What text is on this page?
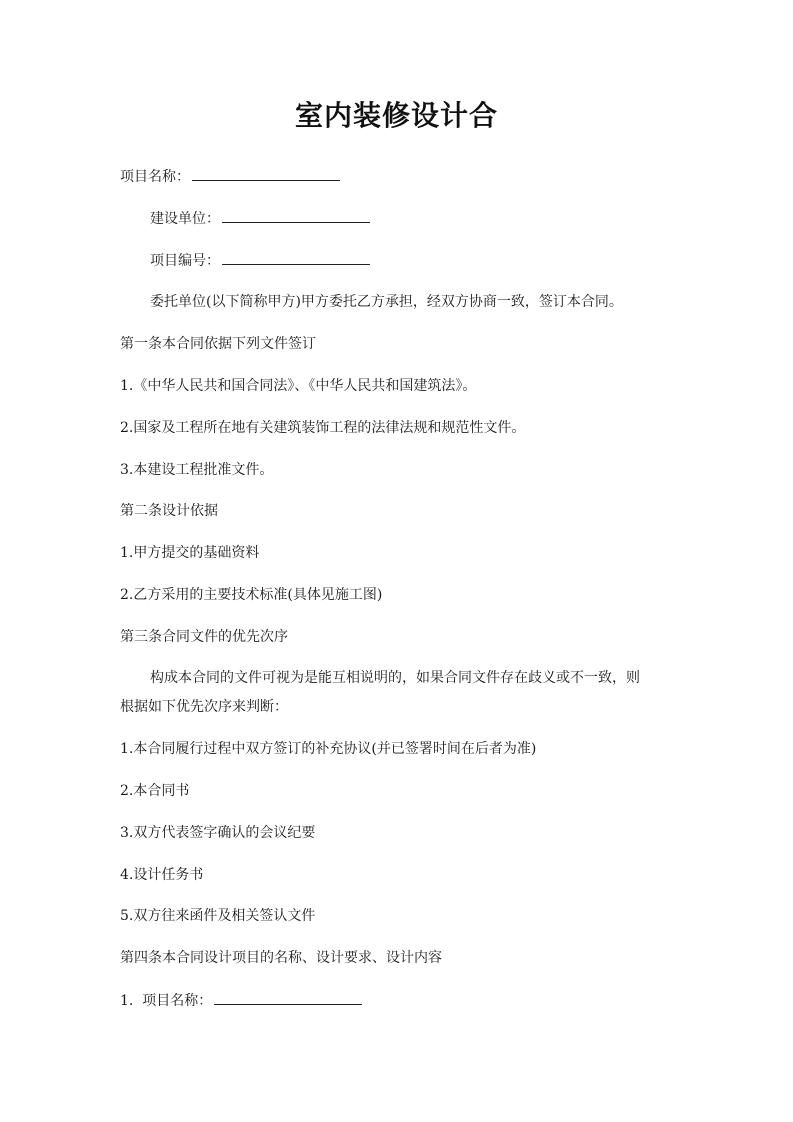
室内装修设计合
项目名称：
建设单位：
项目编号：
委托单位(以下简称甲方)甲方委托乙方承担，经双方协商一致，签订本合同。
第一条本合同依据下列文件签订
1.《中华人民共和国合同法》、《中华人民共和国建筑法》。
2.国家及工程所在地有关建筑装饰工程的法律法规和规范性文件。
3.本建设工程批准文件。
第二条设计依据
1.甲方提交的基础资料
2.乙方采用的主要技术标准(具体见施工图)
第三条合同文件的优先次序
构成本合同的文件可视为是能互相说明的，如果合同文件存在歧义或不一致，则
根据如下优先次序来判断：
1.本合同履行过程中双方签订的补充协议(并已签署时间在后者为准)
2.本合同书
3.双方代表签字确认的会议纪要
4.设计任务书
5.双方往来函件及相关签认文件
第四条本合同设计项目的名称、设计要求、设计内容
1.  项目名称：
